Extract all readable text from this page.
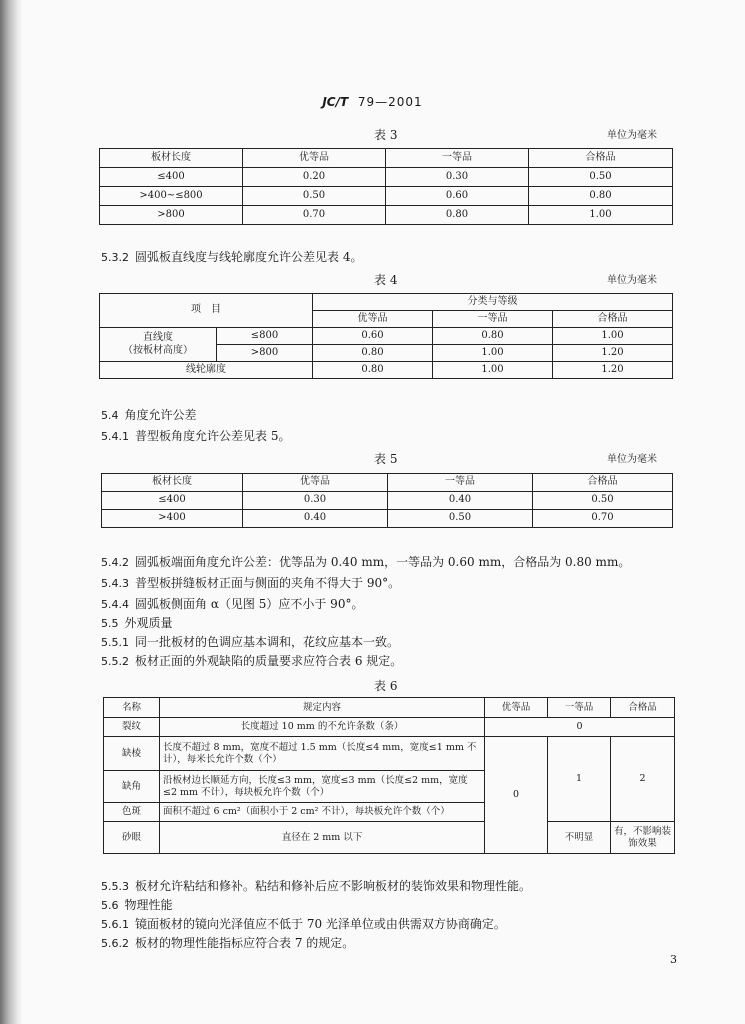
JC/T 79—2001
表 3	单位为毫米
板材长度	优等品	一等品	合格品
≤400	0.20	0.30	0.50
>400~≤800	0.50	0.60	0.80
>800	0.70	0.80	1.00
5.3.2 圆弧板直线度与线轮廓度允许公差见表 4。
表 4	单位为毫米
项　目		分类与等级		
		优等品	一等品	合格品
直线度
（按板材高度）	≤800	0.60	0.80	1.00
	>800	0.80	1.00	1.20
线轮廓度		0.80	1.00	1.20
5.4 角度允许公差
5.4.1 普型板角度允许公差见表 5。
表 5	单位为毫米
板材长度	优等品	一等品	合格品
≤400	0.30	0.40	0.50
>400	0.40	0.50	0.70
5.4.2 圆弧板端面角度允许公差：优等品为 0.40 mm，一等品为 0.60 mm，合格品为 0.80 mm。
5.4.3 普型板拼缝板材正面与侧面的夹角不得大于 90°。
5.4.4 圆弧板侧面角 α（见图 5）应不小于 90°。
5.5 外观质量
5.5.1 同一批板材的色调应基本调和，花纹应基本一致。
5.5.2 板材正面的外观缺陷的质量要求应符合表 6 规定。
表 6
名称	规定内容	优等品	一等品	合格品
裂纹	长度超过 10 mm 的不允许条数（条）	0		
缺棱	长度不超过 8 mm，宽度不超过 1.5 mm（长度≤4 mm，宽度≤1 mm 不计），每米长允许个数（个）	0	1	2
缺角	沿板材边长顺延方向，长度≤3 mm，宽度≤3 mm（长度≤2 mm，宽度≤2 mm 不计），每块板允许个数（个）			
色斑	面积不超过 6 cm²（面积小于 2 cm² 不计），每块板允许个数（个）			
砂眼	直径在 2 mm 以下		不明显	有，不影响装饰效果
5.5.3 板材允许粘结和修补。粘结和修补后应不影响板材的装饰效果和物理性能。
5.6 物理性能
5.6.1 镜面板材的镜向光泽值应不低于 70 光泽单位或由供需双方协商确定。
5.6.2 板材的物理性能指标应符合表 7 的规定。
3
